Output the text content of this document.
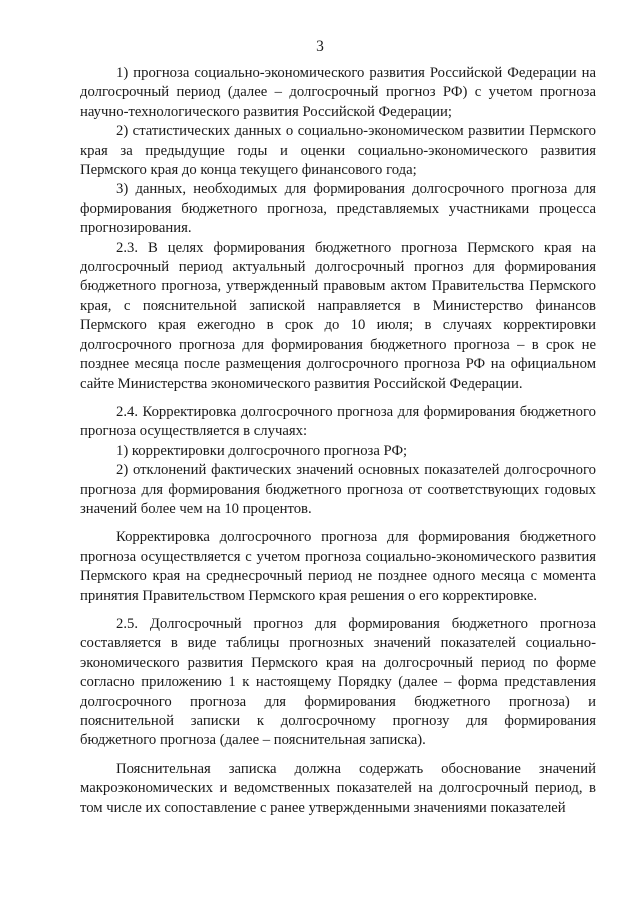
3

1) прогноза социально-экономического развития Российской Федерации на долгосрочный период (далее – долгосрочный прогноз РФ) с учетом прогноза научно-технологического развития Российской Федерации;

2) статистических данных о социально-экономическом развитии Пермского края за предыдущие годы и оценки социально-экономического развития Пермского края до конца текущего финансового года;

3) данных, необходимых для формирования долгосрочного прогноза для формирования бюджетного прогноза, представляемых участниками процесса прогнозирования.

2.3. В целях формирования бюджетного прогноза Пермского края на долгосрочный период актуальный долгосрочный прогноз для формирования бюджетного прогноза, утвержденный правовым актом Правительства Пермского края, с пояснительной запиской направляется в Министерство финансов Пермского края ежегодно в срок до 10 июля; в случаях корректировки долгосрочного прогноза для формирования бюджетного прогноза – в срок не позднее месяца после размещения долгосрочного прогноза РФ на официальном сайте Министерства экономического развития Российской Федерации.

2.4. Корректировка долгосрочного прогноза для формирования бюджетного прогноза осуществляется в случаях:

1) корректировки долгосрочного прогноза РФ;

2) отклонений фактических значений основных показателей долгосрочного прогноза для формирования бюджетного прогноза от соответствующих годовых значений более чем на 10 процентов.

Корректировка долгосрочного прогноза для формирования бюджетного прогноза осуществляется с учетом прогноза социально-экономического развития Пермского края на среднесрочный период не позднее одного месяца с момента принятия Правительством Пермского края решения о его корректировке.

2.5. Долгосрочный прогноз для формирования бюджетного прогноза составляется в виде таблицы прогнозных значений показателей социально-экономического развития Пермского края на долгосрочный период по форме согласно приложению 1 к настоящему Порядку (далее – форма представления долгосрочного прогноза для формирования бюджетного прогноза) и пояснительной записки к долгосрочному прогнозу для формирования бюджетного прогноза (далее – пояснительная записка).

Пояснительная записка должна содержать обоснование значений макроэкономических и ведомственных показателей на долгосрочный период, в том числе их сопоставление с ранее утвержденными значениями показателей
